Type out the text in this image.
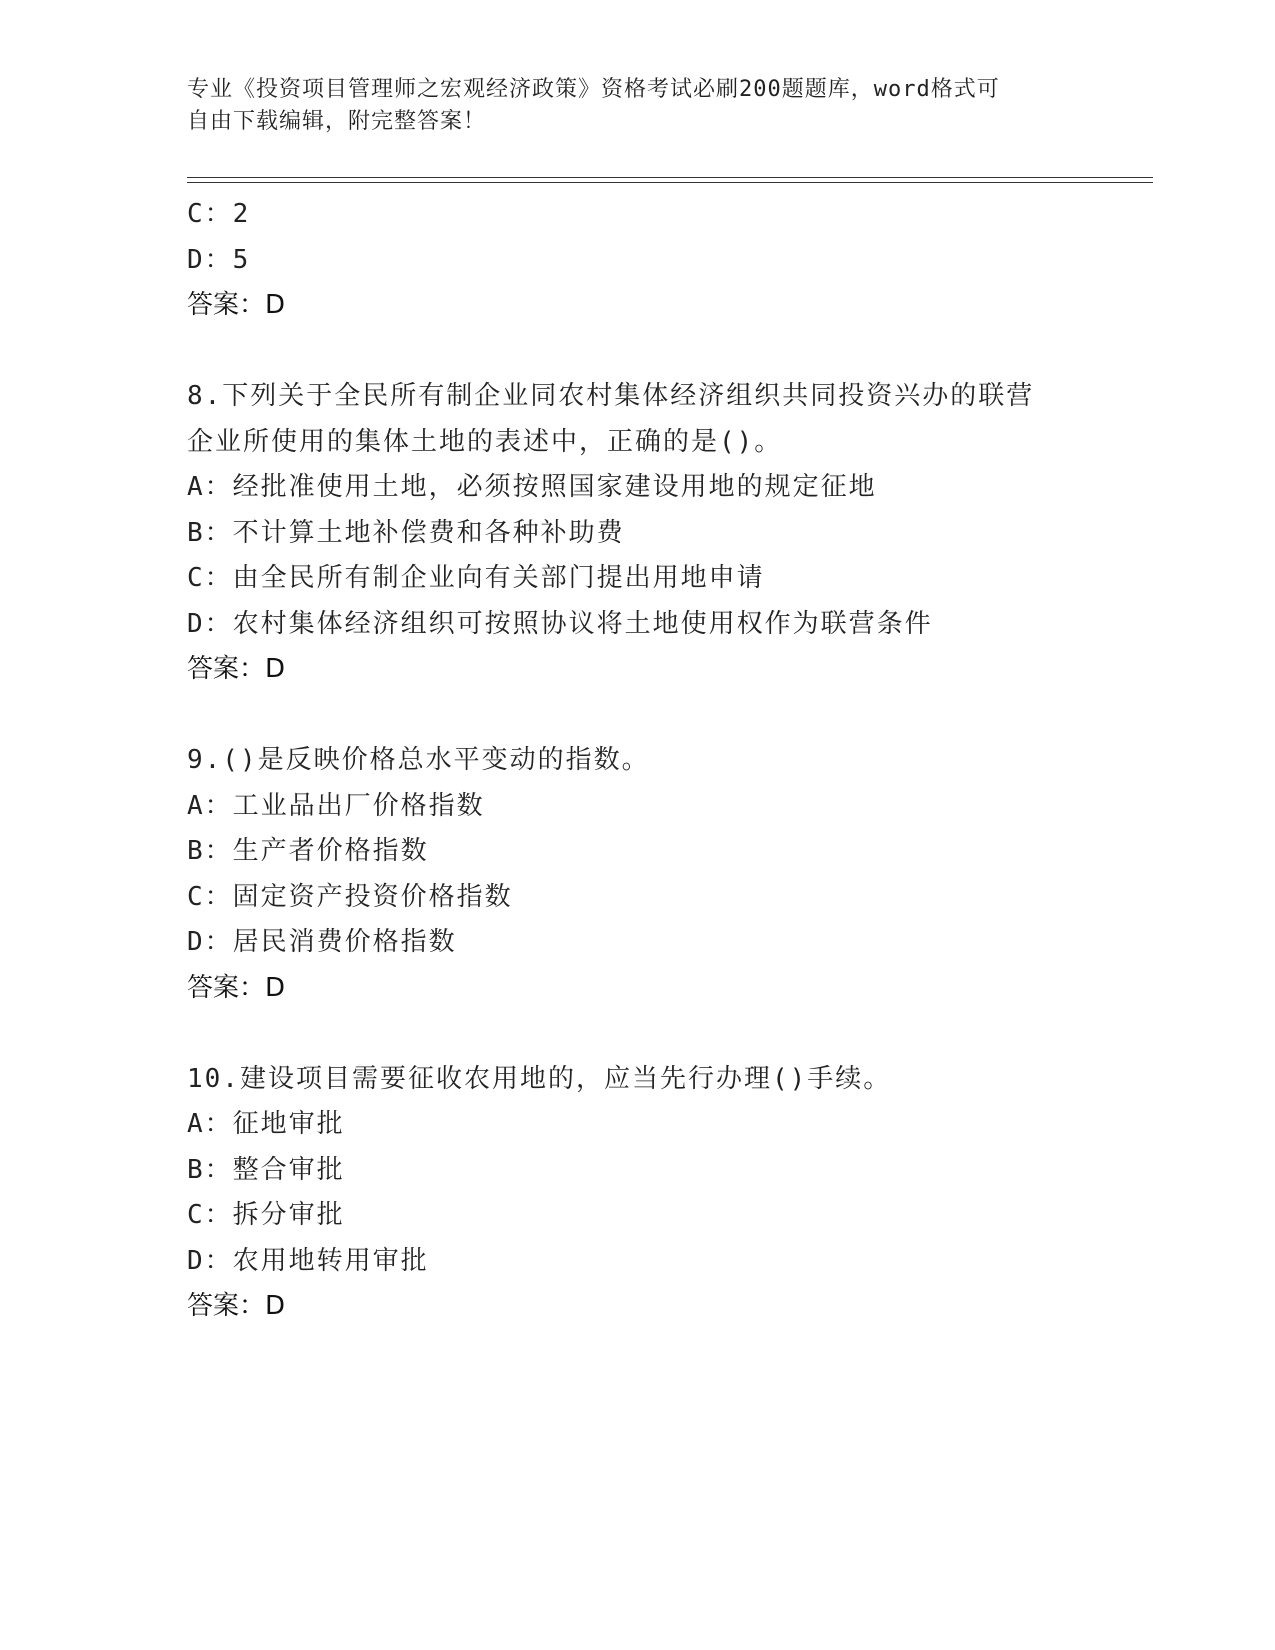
专业《投资项目管理师之宏观经济政策》资格考试必刷200题题库，word格式可
自由下载编辑，附完整答案！
C：2
D：5
答案：D
8.下列关于全民所有制企业同农村集体经济组织共同投资兴办的联营
企业所使用的集体土地的表述中，正确的是()。
A：经批准使用土地，必须按照国家建设用地的规定征地
B：不计算土地补偿费和各种补助费
C：由全民所有制企业向有关部门提出用地申请
D：农村集体经济组织可按照协议将土地使用权作为联营条件
答案：D
9.()是反映价格总水平变动的指数。
A：工业品出厂价格指数
B：生产者价格指数
C：固定资产投资价格指数
D：居民消费价格指数
答案：D
10.建设项目需要征收农用地的，应当先行办理()手续。
A：征地审批
B：整合审批
C：拆分审批
D：农用地转用审批
答案：D
